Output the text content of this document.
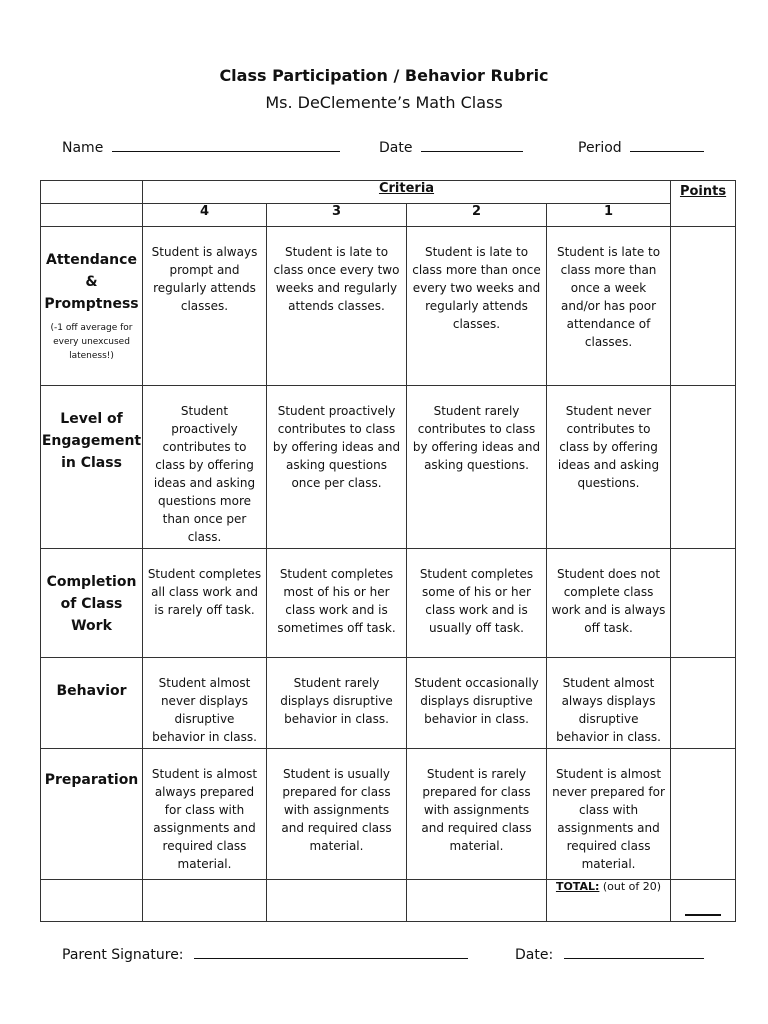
Class Participation / Behavior Rubric
Ms. DeClemente’s Math Class
Name	Date	Period
	Criteria				Points
	4	3	2	1	

Attendance
&
Promptness
(-1 off average for every unexcused lateness!)	Student is always prompt and regularly attends classes.	Student is late to class once every two weeks and regularly attends classes.	Student is late to class more than once every two weeks and regularly attends classes.	Student is late to class more than once a week and/or has poor attendance of classes.	

Level of
Engagement
in Class	Student proactively contributes to class by offering ideas and asking questions more than once per class.	Student proactively contributes to class by offering ideas and asking questions once per class.	Student rarely contributes to class by offering ideas and asking questions.	Student never contributes to class by offering ideas and asking questions.	

Completion
of Class
Work	Student completes all class work and is rarely off task.	Student completes most of his or her class work and is sometimes off task.	Student completes some of his or her class work and is usually off task.	Student does not complete class work and is always off task.	

Behavior	Student almost never displays disruptive behavior in class.	Student rarely displays disruptive behavior in class.	Student occasionally displays disruptive behavior in class.	Student almost always displays disruptive behavior in class.	

Preparation	Student is almost always prepared for class with assignments and required class material.	Student is usually prepared for class with assignments and required class material.	Student is rarely prepared for class with assignments and required class material.	Student is almost never prepared for class with assignments and required class material.	

				TOTAL: (out of 20)	
Parent Signature:	Date:
